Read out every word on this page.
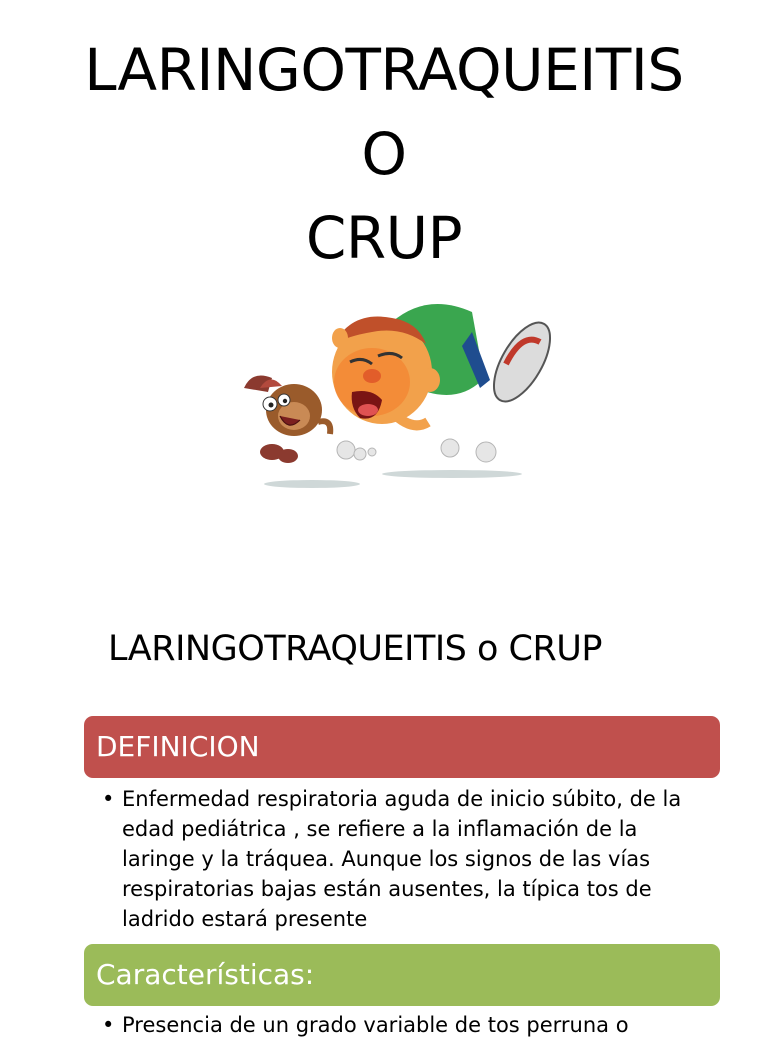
LARINGOTRAQUEITIS
O
CRUP
LARINGOTRAQUEITIS o CRUP
DEFINICION
• Enfermedad respiratoria aguda de inicio súbito, de la edad pediátrica , se refiere a la inflamación de la laringe y la tráquea. Aunque los signos de las vías respiratorias bajas están ausentes, la típica tos de ladrido estará presente
Características:
• Presencia de un grado variable de tos perruna o
